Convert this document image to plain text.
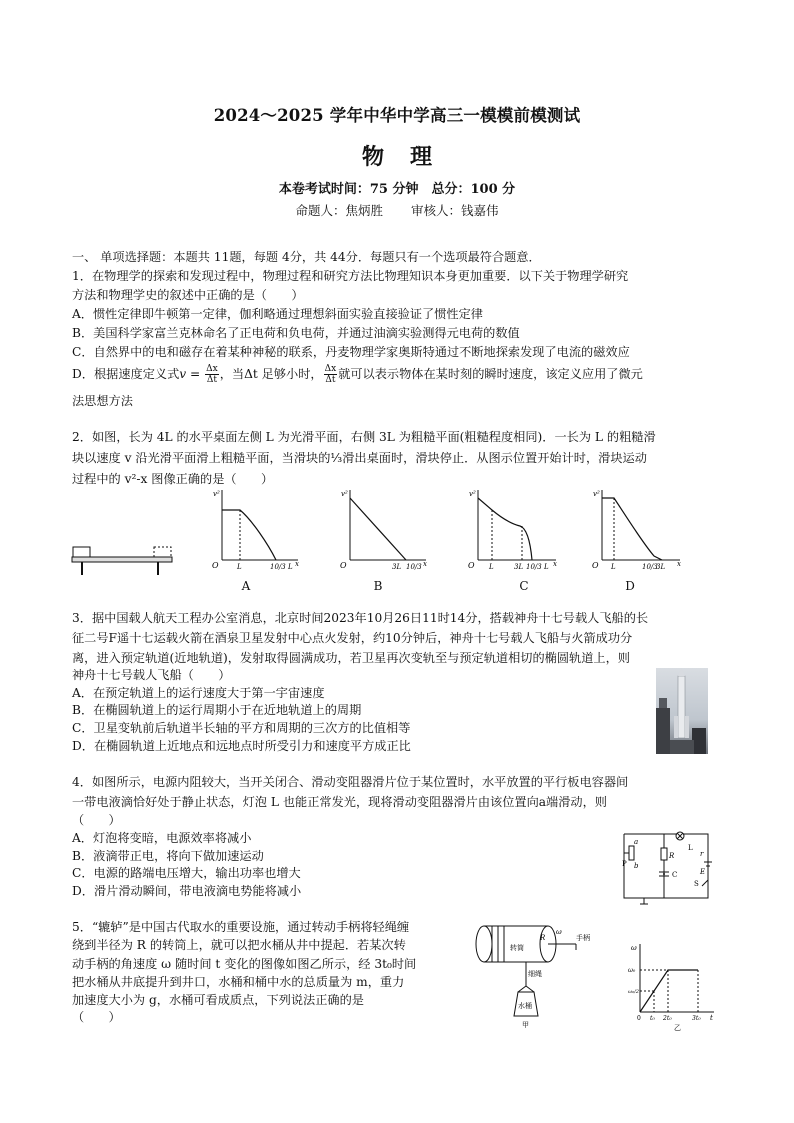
2024～2025 学年中华中学高三一模模前模测试
物理
本卷考试时间：75 分钟　总分：100 分
命题人：焦炳胜 审核人：钱嘉伟
一、 单项选择题：本题共 11题，每题 4分，共 44分．每题只有一个选项最符合题意．
1．在物理学的探索和发现过程中，物理过程和研究方法比物理知识本身更加重要．以下关于物理学研究
方法和物理学史的叙述中正确的是（　　）
A．惯性定律即牛顿第一定律，伽利略通过理想斜面实验直接验证了惯性定律
B．美国科学家富兰克林命名了正电荷和负电荷，并通过油滴实验测得元电荷的数值
C．自然界中的电和磁存在着某种神秘的联系，丹麦物理学家奥斯特通过不断地探索发现了电流的磁效应
D．根据速度定义式$v = \frac{\Delta x}{\Delta t}$ ，当Δt 足够小时， $\frac{\Delta x}{\Delta t}$ 就可以表示物体在某时刻的瞬时速度，该定义应用了微元
法思想方法
2．如图，长为 4L 的水平桌面左侧 L 为光滑平面，右侧 3L 为粗糙平面(粗糙程度相同)．一长为 L 的粗糙滑
块以速度 v 沿光滑平面滑上粗糙平面，当滑块的⅓滑出桌面时，滑块停止．从图示位置开始计时，滑块运动
过程中的 v²-x 图像正确的是（　　）
v²
O	L	10/3 L x
A
v²
O	3L 10/3 x
B
v²
O L	3L 10/3 L x
C
v²
O L	10/3
3L x
D
3．据中国载人航天工程办公室消息，北京时间2023年10月26日11时14分，搭载神舟十七号载人飞船的长
征二号F遥十七运载火箭在酒泉卫星发射中心点火发射，约10分钟后，神舟十七号载人飞船与火箭成功分
离，进入预定轨道(近地轨道)，发射取得圆满成功，若卫星再次变轨至与预定轨道相切的椭圆轨道上，则
神舟十七号载人飞船（　　）
A．在预定轨道上的运行速度大于第一宇宙速度
B．在椭圆轨道上的运行周期小于在近地轨道上的周期
C．卫星变轨前后轨道半长轴的平方和周期的三次方的比值相等
D．在椭圆轨道上近地点和远地点时所受引力和速度平方成正比
4．如图所示，电源内阻较大，当开关闭合、滑动变阻器滑片位于某位置时，水平放置的平行板电容器间
一带电液滴恰好处于静止状态，灯泡 L 也能正常发光，现将滑动变阻器滑片由该位置向a端滑动，则
（　　）
A．灯泡将变暗，电源效率将减小
B．液滴带正电，将向下做加速运动
C．电源的路端电压增大，输出功率也增大
D．滑片滑动瞬间，带电液滴电势能将减小
a
P b
L
R
C
r
E
S
5．“辘轳”是中国古代取水的重要设施，通过转动手柄将轻绳缠
绕到半径为 R 的转筒上，就可以把水桶从井中提起．若某次转
动手柄的角速度 ω 随时间 t 变化的图像如图乙所示，经 3t₀时间
把水桶从井底提升到井口，水桶和桶中水的总质量为 m，重力
加速度大小为 g，水桶可看成质点，下列说法正确的是
（　　）
转筒
手柄
细绳
水桶
甲
R
ω
ω
ω₀
ω₀/2
0 t₀ 2t₀	3t₀ t
乙
